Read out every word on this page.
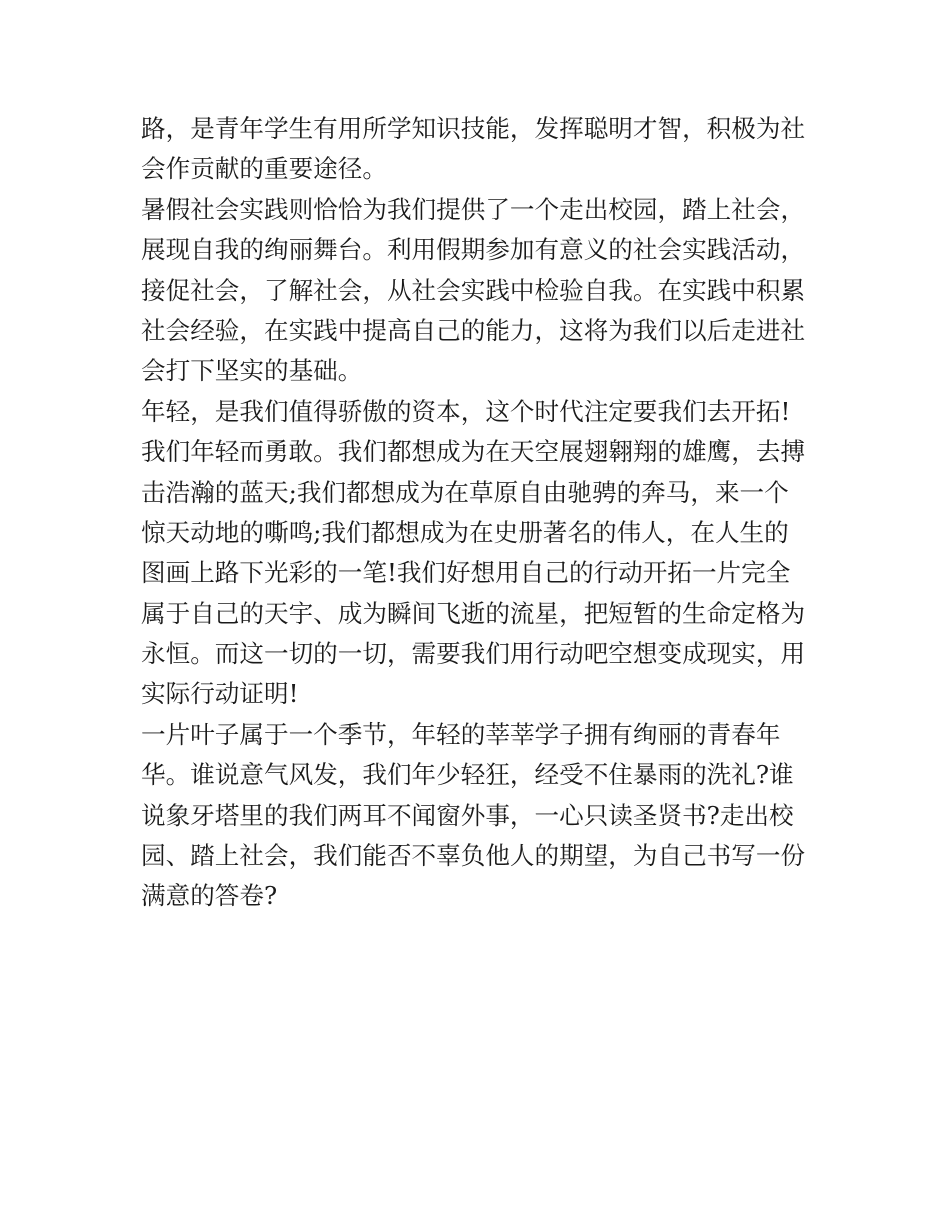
路，是青年学生有用所学知识技能，发挥聪明才智，积极为社
会作贡献的重要途径。
暑假社会实践则恰恰为我们提供了一个走出校园，踏上社会，
展现自我的绚丽舞台。利用假期参加有意义的社会实践活动，
接促社会，了解社会，从社会实践中检验自我。在实践中积累
社会经验，在实践中提高自己的能力，这将为我们以后走进社
会打下坚实的基础。
年轻，是我们值得骄傲的资本，这个时代注定要我们去开拓!
我们年轻而勇敢。我们都想成为在天空展翅翱翔的雄鹰，去搏
击浩瀚的蓝天;我们都想成为在草原自由驰骋的奔马，来一个
惊天动地的嘶鸣;我们都想成为在史册著名的伟人，在人生的
图画上路下光彩的一笔!我们好想用自己的行动开拓一片完全
属于自己的天宇、成为瞬间飞逝的流星，把短暂的生命定格为
永恒。而这一切的一切，需要我们用行动吧空想变成现实，用
实际行动证明!
一片叶子属于一个季节，年轻的莘莘学子拥有绚丽的青春年
华。谁说意气风发，我们年少轻狂，经受不住暴雨的洗礼?谁
说象牙塔里的我们两耳不闻窗外事，一心只读圣贤书?走出校
园、踏上社会，我们能否不辜负他人的期望，为自己书写一份
满意的答卷?
